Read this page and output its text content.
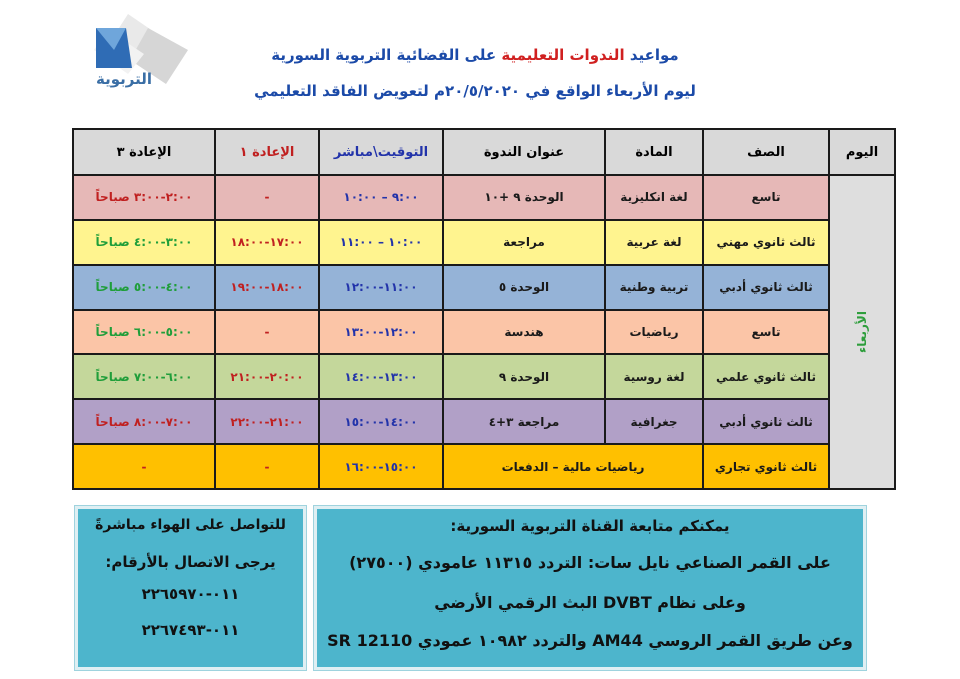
التربوية
مواعيد الندوات التعليمية على الفضائية التربوية السورية
ليوم الأربعاء الواقع في ٢٠/٥/٢٠٢٠م لتعويض الفاقد التعليمي
اليوم	الصف	المادة	عنوان الندوة	التوقيت\مباشر	الإعادة ١	الإعادة ٣
الأربعاء	تاسع	لغة انكليزية	الوحدة ٩ +١٠	٩:٠٠ – ١٠:٠٠	-	٢:٠٠-٣:٠٠ صباحاً
	ثالث ثانوي مهني	لغة عربية	مراجعة	١٠:٠٠ – ١١:٠٠	١٧:٠٠-١٨:٠٠	٣:٠٠-٤:٠٠ صباحاً
	ثالث ثانوي أدبي	تربية وطنية	الوحدة ٥	١١:٠٠-١٢:٠٠	١٨:٠٠-١٩:٠٠	٤:٠٠-٥:٠٠ صباحاً
	تاسع	رياضيات	هندسة	١٢:٠٠-١٣:٠٠	-	٥:٠٠-٦:٠٠ صباحاً
	ثالث ثانوي علمي	لغة روسية	الوحدة ٩	١٣:٠٠-١٤:٠٠	٢٠:٠٠-٢١:٠٠	٦:٠٠-٧:٠٠ صباحاً
	ثالث ثانوي أدبي	جغرافية	مراجعة ٣+٤	١٤:٠٠-١٥:٠٠	٢١:٠٠-٢٢:٠٠	٧:٠٠-٨:٠٠ صباحاً
	ثالث ثانوي تجاري	رياضيات مالية – الدفعات		١٥:٠٠-١٦:٠٠	-	-
يمكنكم متابعة القناة التربوية السورية:
على القمر الصناعي نايل سات: التردد ١١٣١٥ عامودي (٢٧٥٠٠)
وعلى نظام DVBT البث الرقمي الأرضي
وعن طريق القمر الروسي AM44 والتردد ١٠٩٨٢ عمودي SR 12110
للتواصل على الهواء مباشرةً
يرجى الاتصال بالأرقام:
٠١١-٢٢٦٥٩٧٠
٠١١-٢٢٦٧٤٩٣
